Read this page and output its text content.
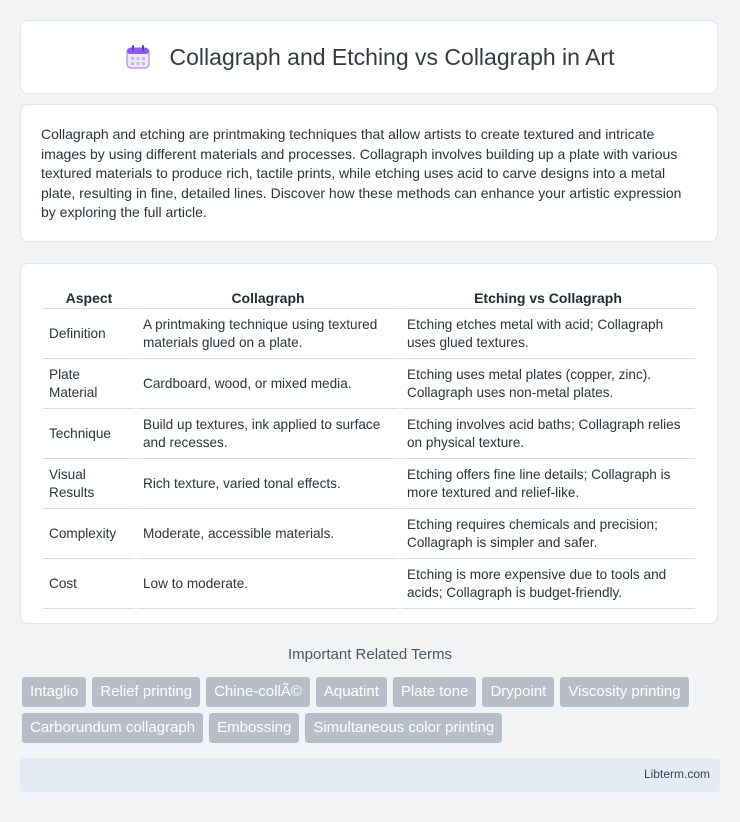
Collagraph and Etching vs Collagraph in Art

Collagraph and etching are printmaking techniques that allow artists to create textured and intricate images by using different materials and processes. Collagraph involves building up a plate with various textured materials to produce rich, tactile prints, while etching uses acid to carve designs into a metal plate, resulting in fine, detailed lines. Discover how these methods can enhance your artistic expression by exploring the full article.

Aspect	Collagraph	Etching vs Collagraph
Definition	A printmaking technique using textured materials glued on a plate.	Etching etches metal with acid; Collagraph uses glued textures.
Plate Material	Cardboard, wood, or mixed media.	Etching uses metal plates (copper, zinc). Collagraph uses non-metal plates.
Technique	Build up textures, ink applied to surface and recesses.	Etching involves acid baths; Collagraph relies on physical texture.
Visual Results	Rich texture, varied tonal effects.	Etching offers fine line details; Collagraph is more textured and relief-like.
Complexity	Moderate, accessible materials.	Etching requires chemicals and precision; Collagraph is simpler and safer.
Cost	Low to moderate.	Etching is more expensive due to tools and acids; Collagraph is budget-friendly.
Important Related Terms
Intaglio	Relief printing	Chine-collÃ©	Aquatint	Plate tone	Drypoint	Viscosity printing
Carborundum collagraph	Embossing	Simultaneous color printing
Libterm.com
